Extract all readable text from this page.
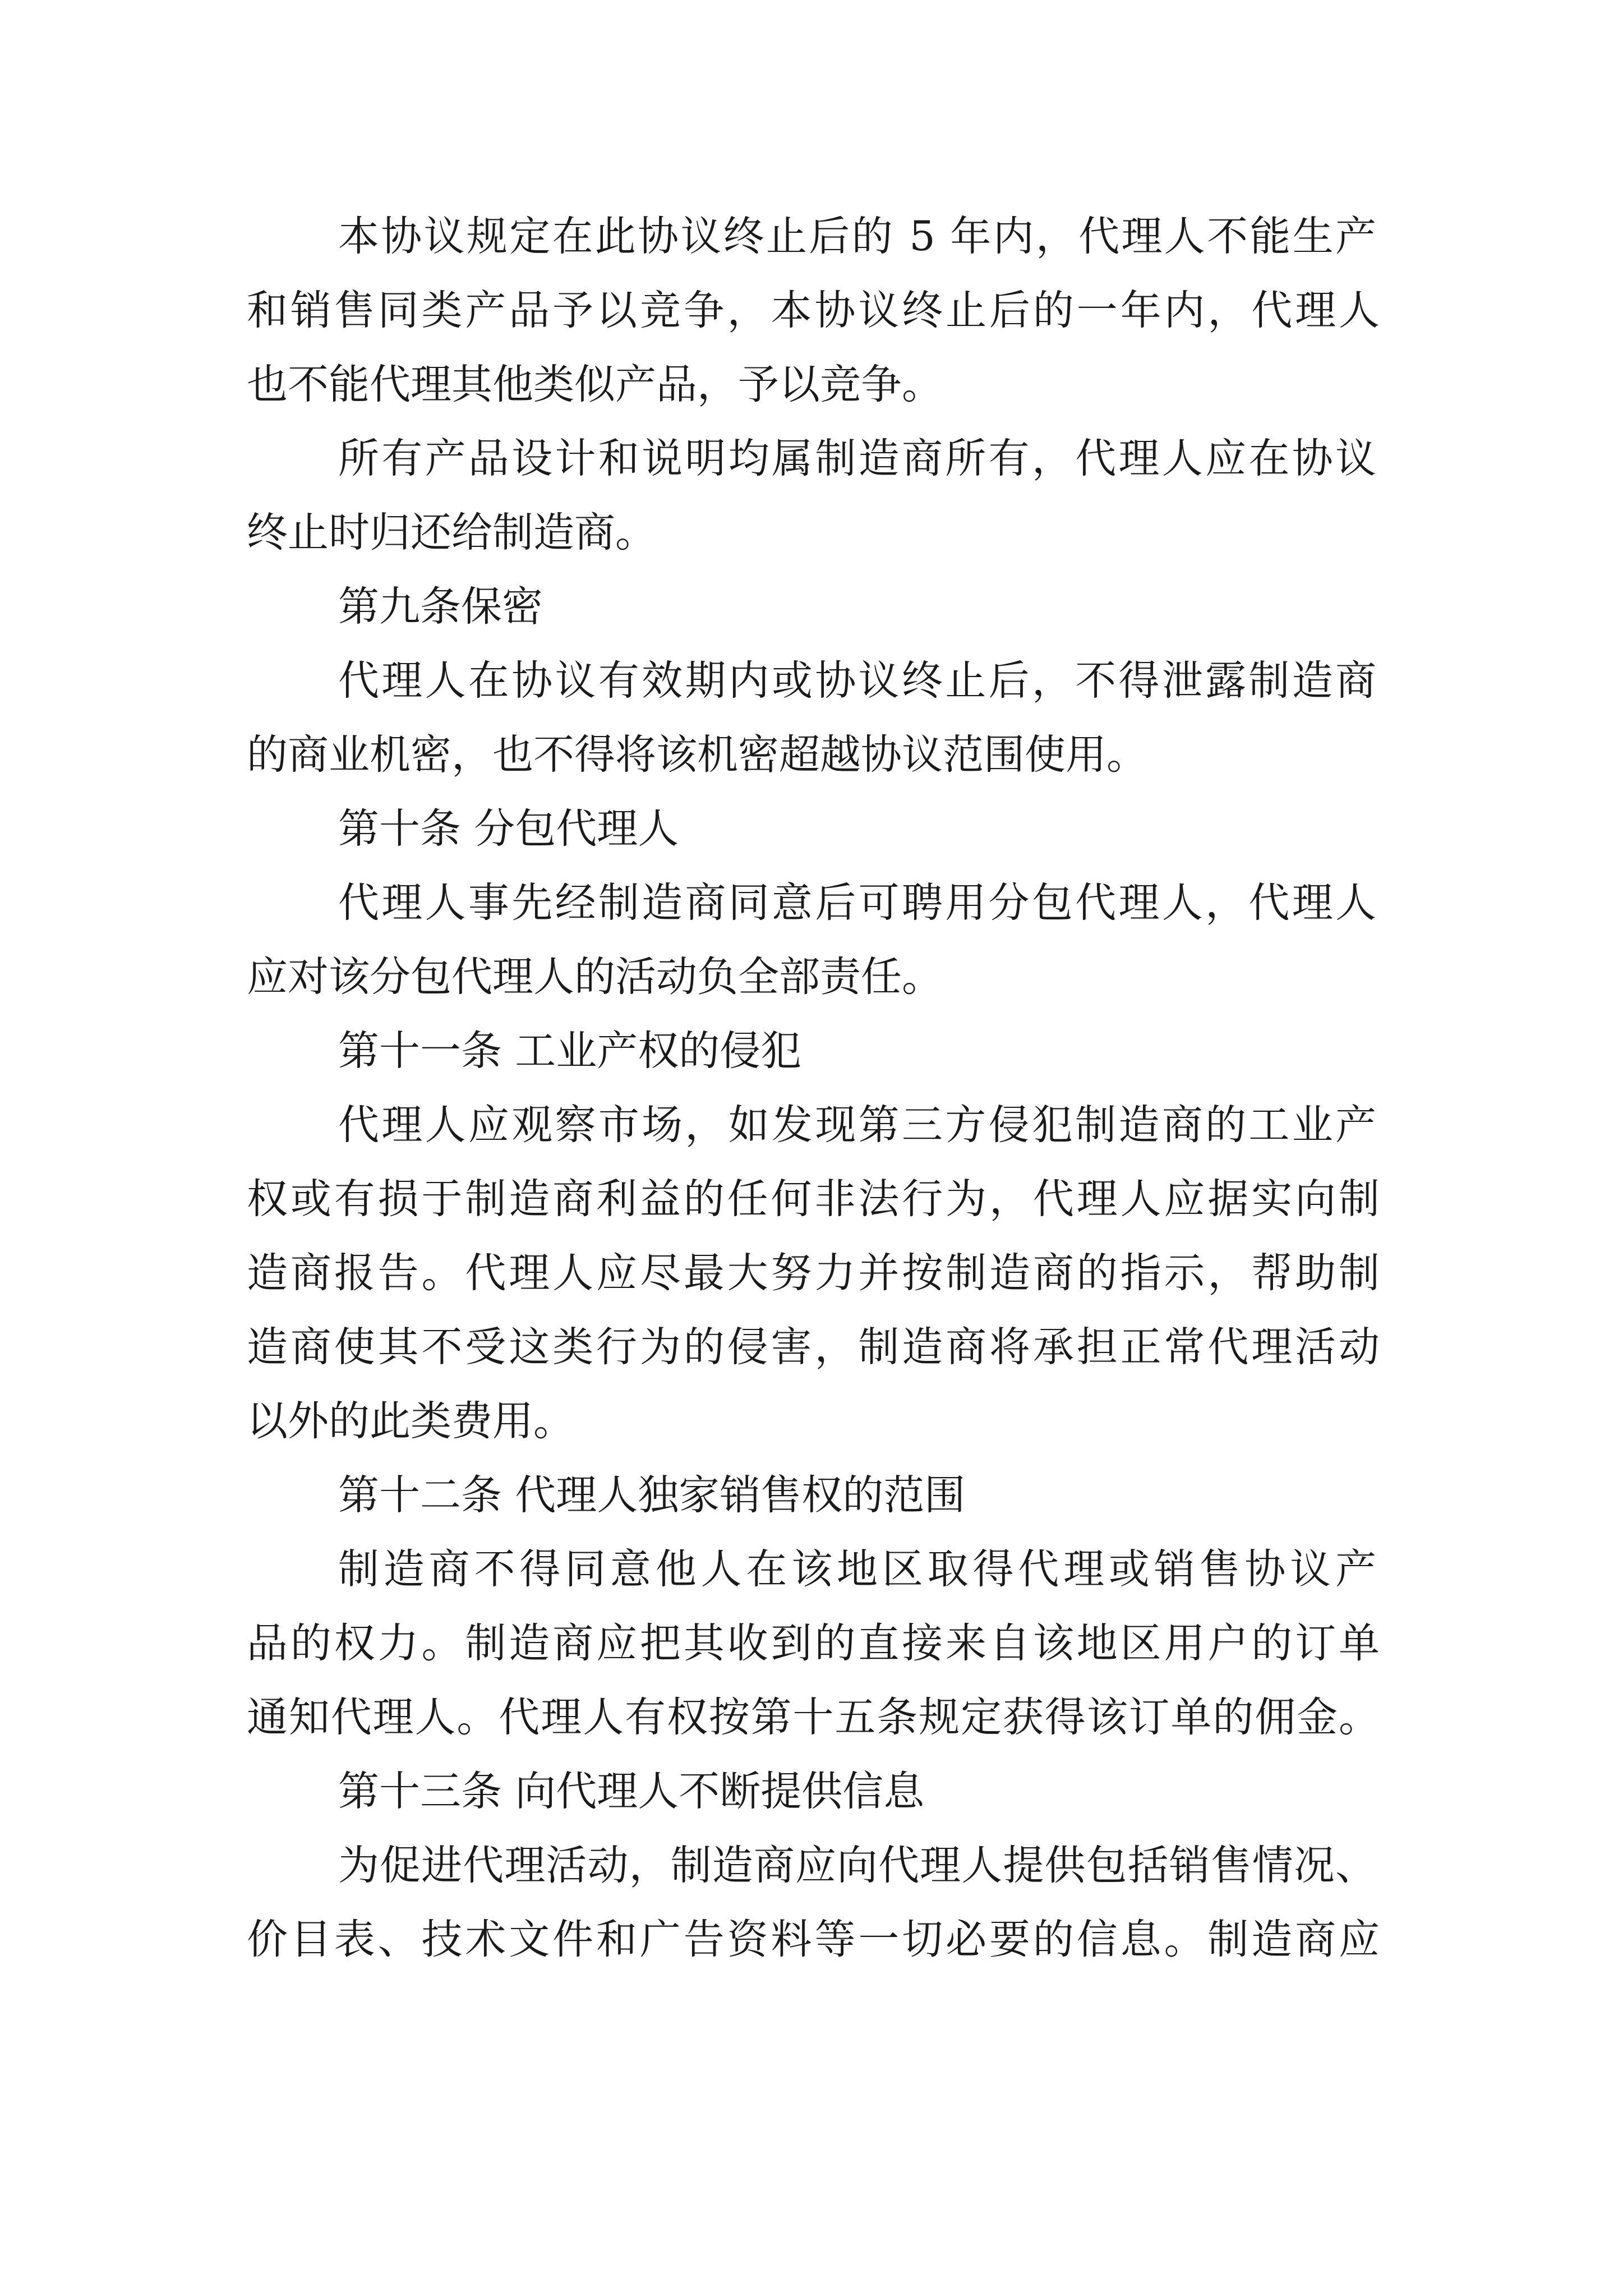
本协议规定在此协议终止后的 5 年内，代理人不能生产

和销售同类产品予以竞争，本协议终止后的一年内，代理人

也不能代理其他类似产品，予以竞争。

所有产品设计和说明均属制造商所有，代理人应在协议

终止时归还给制造商。

第九条保密

代理人在协议有效期内或协议终止后，不得泄露制造商

的商业机密，也不得将该机密超越协议范围使用。

第十条 分包代理人

代理人事先经制造商同意后可聘用分包代理人，代理人

应对该分包代理人的活动负全部责任。

第十一条 工业产权的侵犯

代理人应观察市场，如发现第三方侵犯制造商的工业产

权或有损于制造商利益的任何非法行为，代理人应据实向制

造商报告。代理人应尽最大努力并按制造商的指示，帮助制

造商使其不受这类行为的侵害，制造商将承担正常代理活动

以外的此类费用。

第十二条 代理人独家销售权的范围

制造商不得同意他人在该地区取得代理或销售协议产

品的权力。制造商应把其收到的直接来自该地区用户的订单

通知代理人。代理人有权按第十五条规定获得该订单的佣金。

第十三条 向代理人不断提供信息

为促进代理活动，制造商应向代理人提供包括销售情况、

价目表、技术文件和广告资料等一切必要的信息。制造商应
